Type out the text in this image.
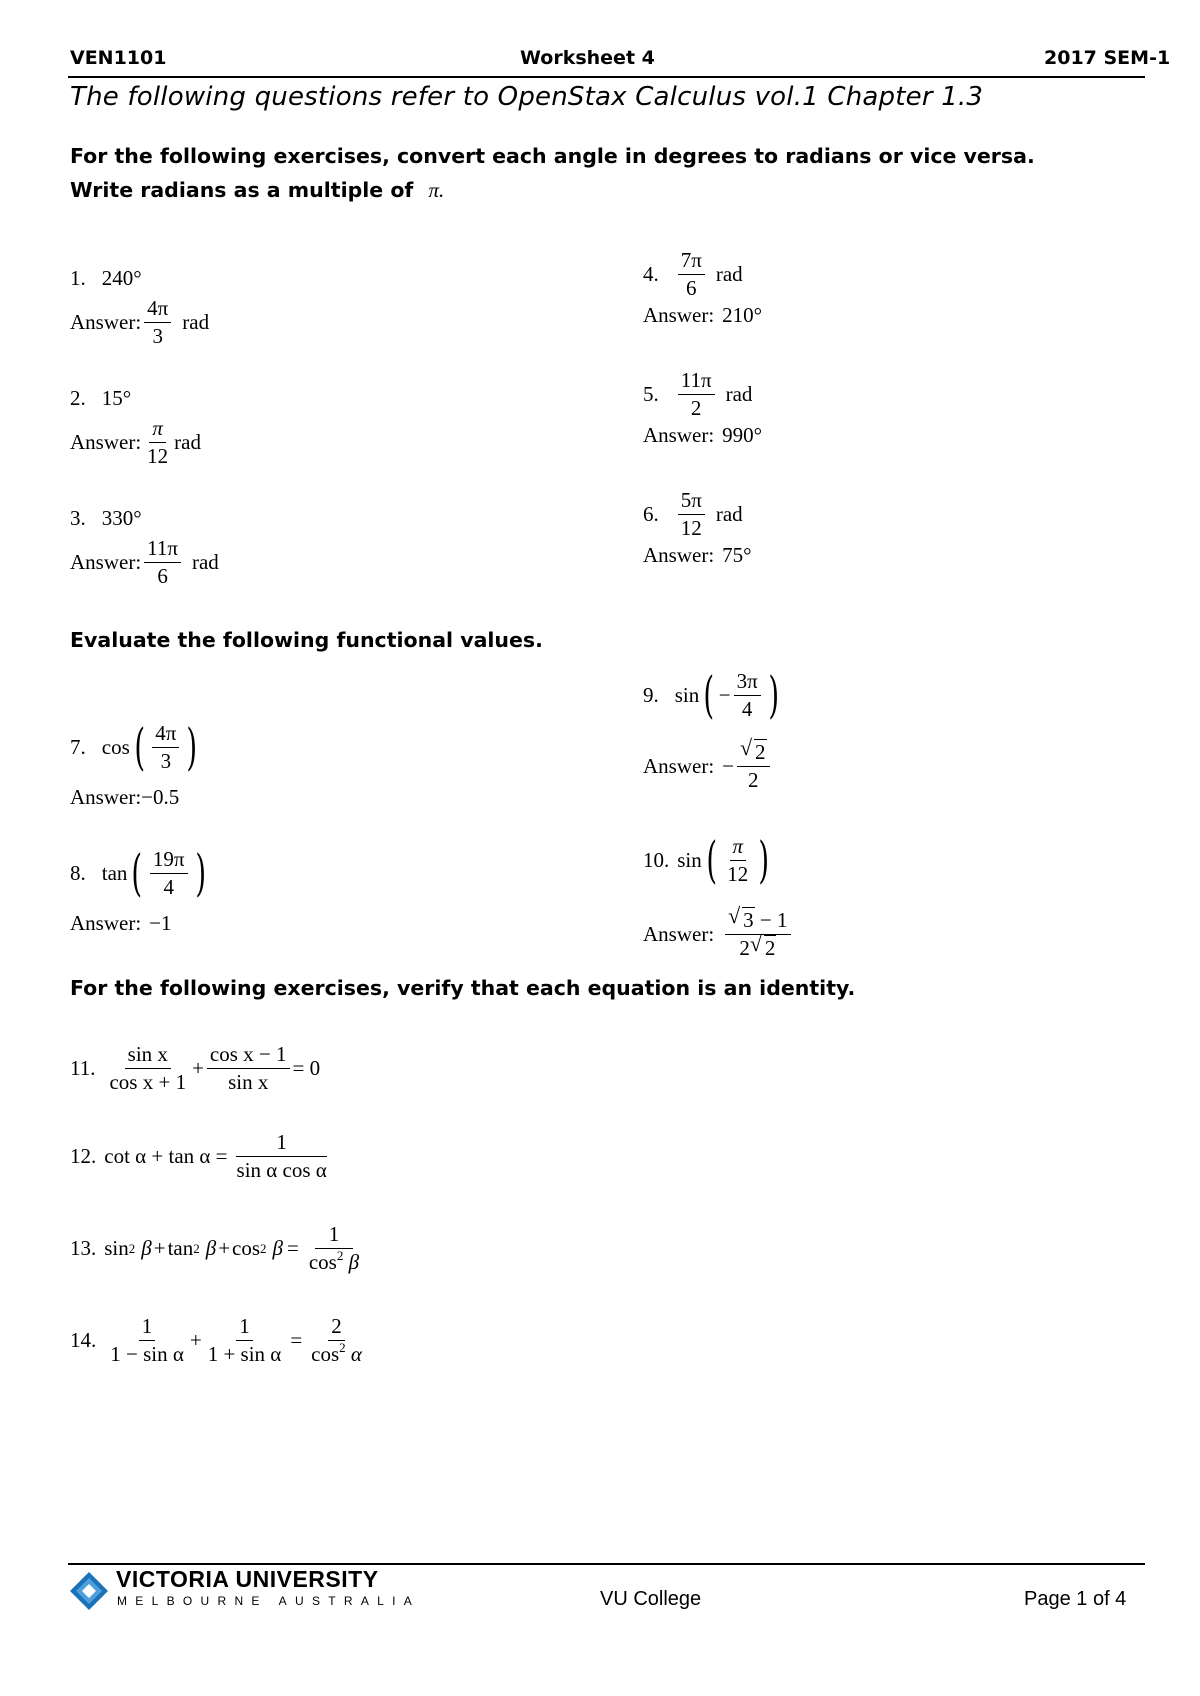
VEN1101	Worksheet 4	2017 SEM-1
The following questions refer to OpenStax Calculus vol.1 Chapter 1.3
For the following exercises, convert each angle in degrees to radians or vice versa.
Write radians as a multiple of π.
1. 240°
Answer: $\frac{4\pi}{3}$ rad
2. 15°
Answer: $\frac{\pi}{12}$ rad
3. 330°
Answer: $\frac{11\pi}{6}$ rad
4. $\frac{7\pi}{6}$ rad
Answer: 210°
5. $\frac{11\pi}{2}$ rad
Answer: 990°
6. $\frac{5\pi}{12}$ rad
Answer: 75°
Evaluate the following functional values.
7. cos ( $\frac{4\pi}{3}$ )
Answer: −0.5
8. tan ( $\frac{19\pi}{4}$ )
Answer: −1
9. sin ( − $\frac{3\pi}{4}$ )
Answer: − $\frac{√ 2}{2}$
10. sin ( $\frac{\pi}{12}$ )
Answer: $\frac{√ 3 - 1}{2 √ 2}$
For the following exercises, verify that each equation is an identity.
11. $\frac{\text{sin x}}{\text{cos x + 1}} + \frac{\text{cos x − 1}}{\text{sin x}} = 0$
12. $\cot \alpha + \tan \alpha = \frac{1}{\text{sin α cos α}}$
13. sin 2 β + tan 2 β + cos 2 $\beta = \frac{1}{\cos^2 \beta}$
14. $\frac{1}{\text{1 − sin α}} + \frac{1}{\text{1 + sin α}} = \frac{2}{\cos^2 \alpha}$
VICTORIA UNIVERSITY
MELBOURNE AUSTRALIA	VU College	Page 1 of 4
